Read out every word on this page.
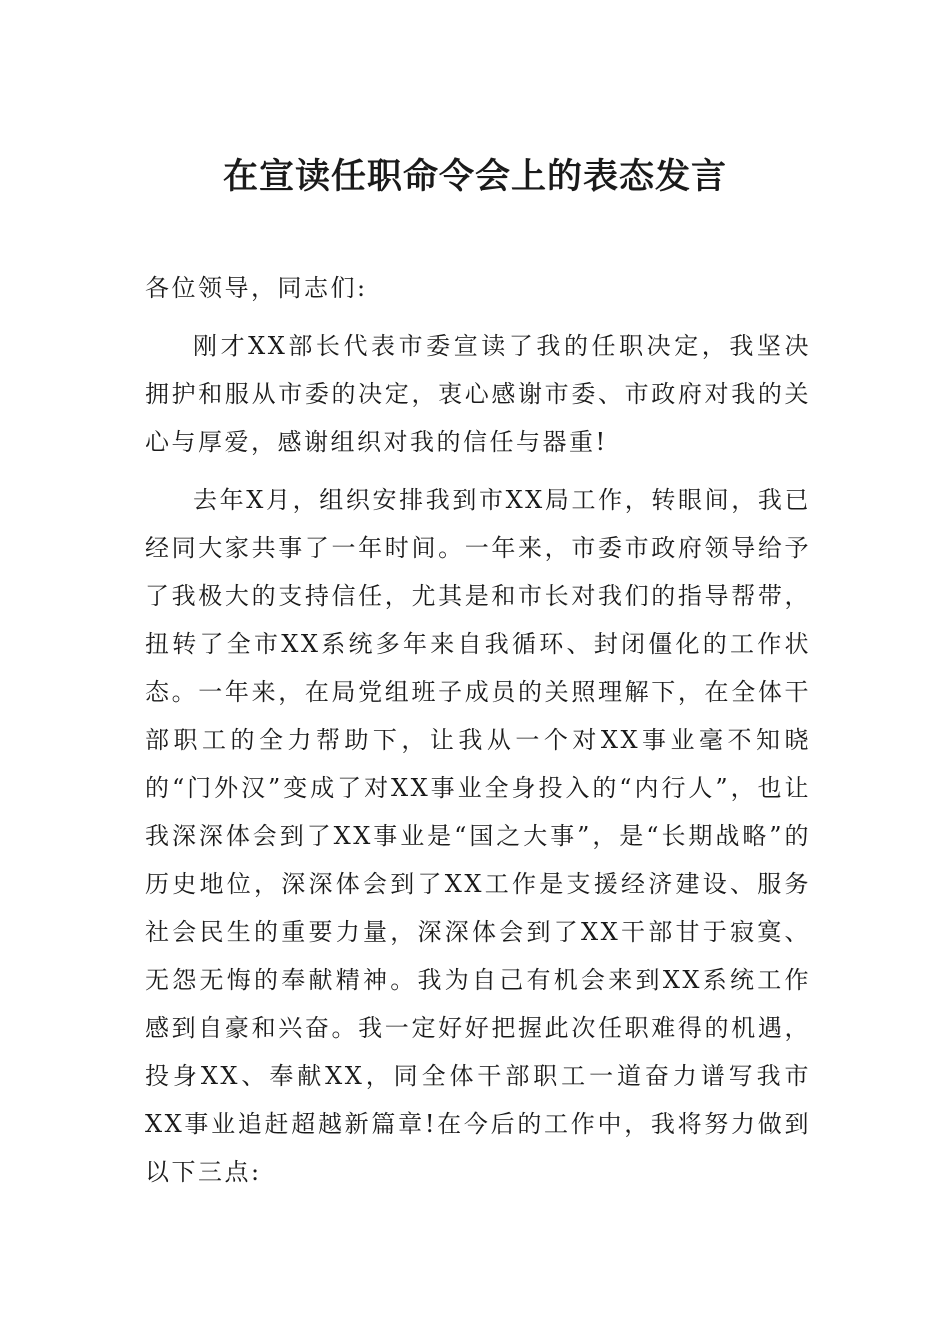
在宣读任职命令会上的表态发言

各位领导，同志们:

刚才XX部长代表市委宣读了我的任职决定，我坚决拥护和服从市委的决定，衷心感谢市委、市政府对我的关心与厚爱，感谢组织对我的信任与器重!

去年X月，组织安排我到市XX局工作，转眼间，我已经同大家共事了一年时间。一年来，市委市政府领导给予了我极大的支持信任，尤其是和市长对我们的指导帮带，扭转了全市XX系统多年来自我循环、封闭僵化的工作状态。一年来，在局党组班子成员的关照理解下，在全体干部职工的全力帮助下，让我从一个对XX事业毫不知晓的“门外汉”变成了对XX事业全身投入的“内行人”，也让我深深体会到了XX事业是“国之大事”，是“长期战略”的历史地位，深深体会到了XX工作是支援经济建设、服务社会民生的重要力量，深深体会到了XX干部甘于寂寞、无怨无悔的奉献精神。我为自己有机会来到XX系统工作感到自豪和兴奋。我一定好好把握此次任职难得的机遇，投身XX、奉献XX，同全体干部职工一道奋力谱写我市XX事业追赶超越新篇章!在今后的工作中，我将努力做到以下三点:
